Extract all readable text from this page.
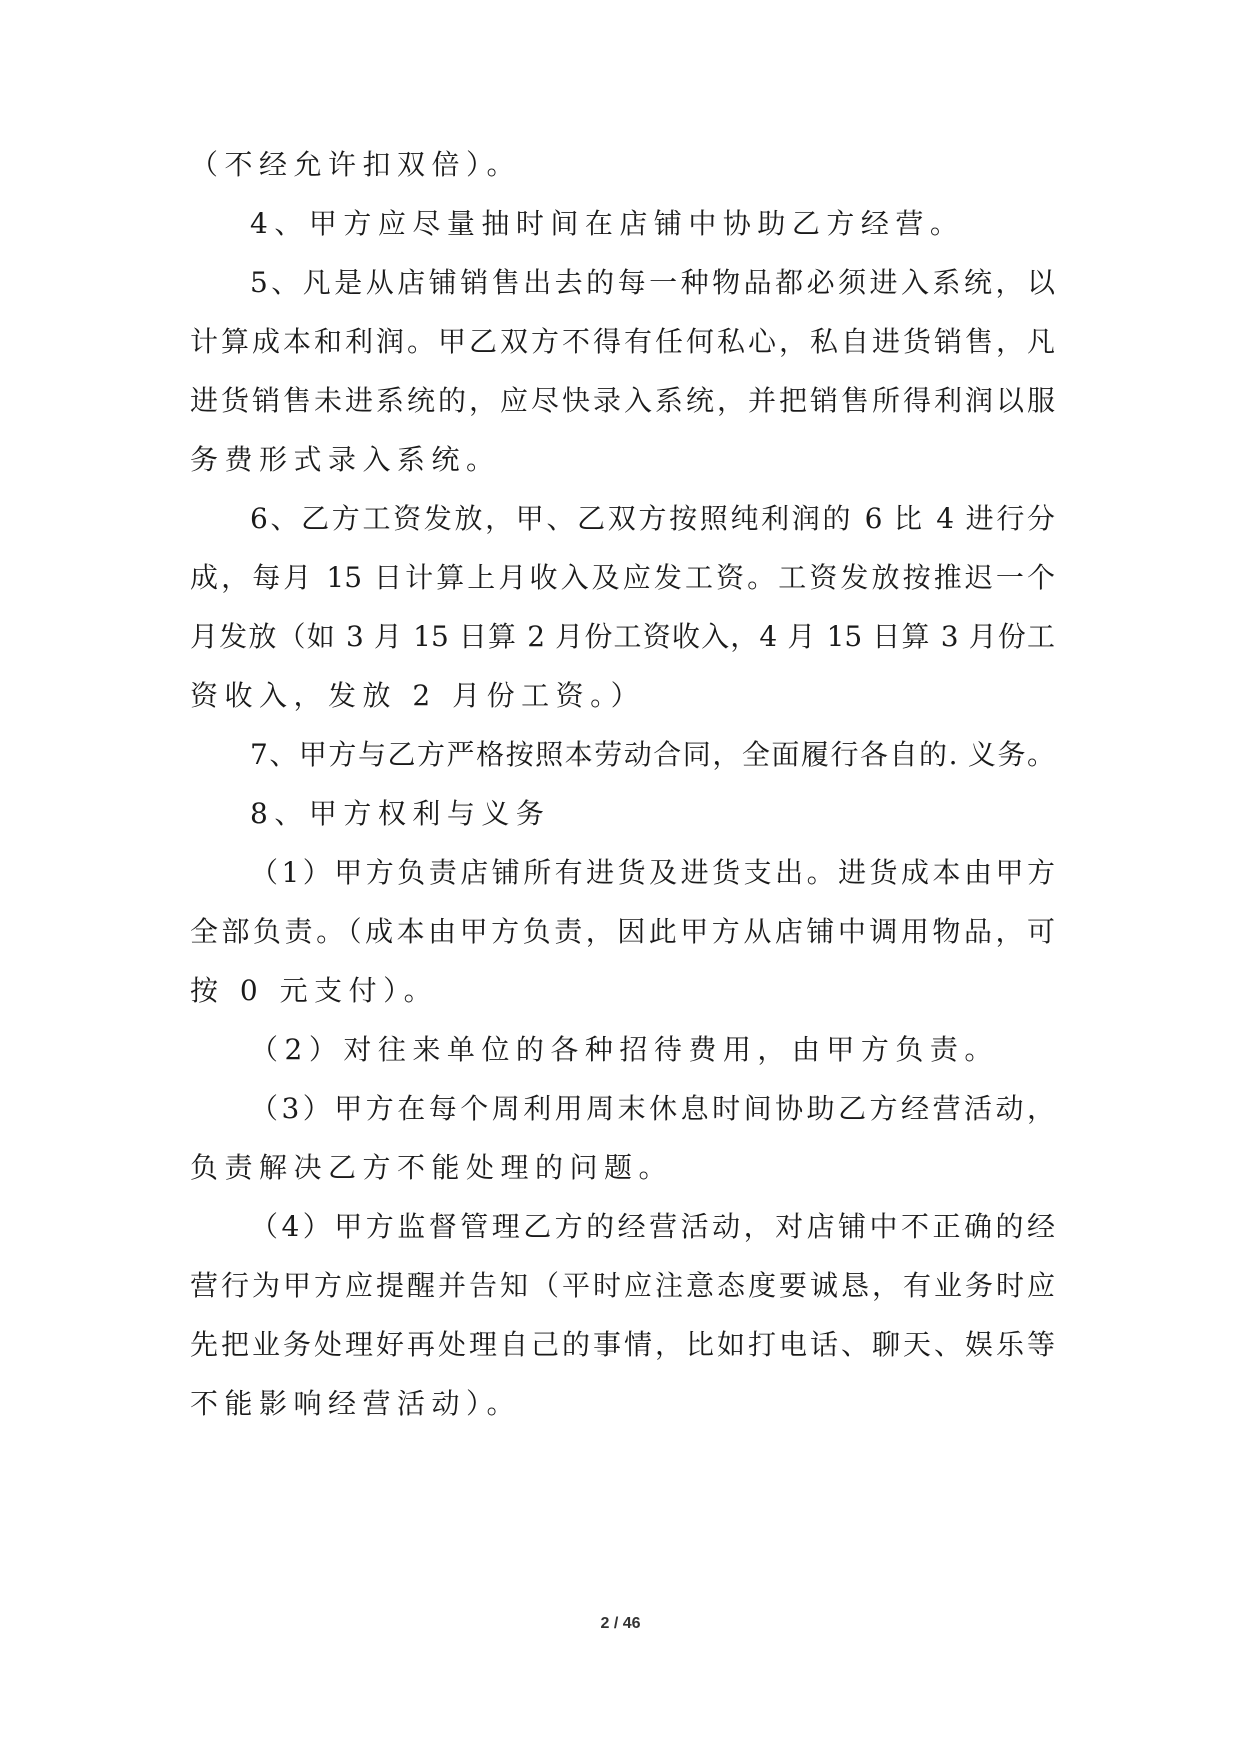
（不经允许扣双倍）。
4、甲方应尽量抽时间在店铺中协助乙方经营。
5、凡是从店铺销售出去的每一种物品都必须进入系统，以
计算成本和利润。甲乙双方不得有任何私心，私自进货销售，凡
进货销售未进系统的，应尽快录入系统，并把销售所得利润以服
务费形式录入系统。
6、乙方工资发放，甲、乙双方按照纯利润的 6 比 4 进行分
成，每月 15 日计算上月收入及应发工资。工资发放按推迟一个
月发放（如 3 月 15 日算 2 月份工资收入，4 月 15 日算 3 月份工
资收入，发放 2 月份工资。）
7、甲方与乙方严格按照本劳动合同，全面履行各自的. 义务。
8、甲方权利与义务
（1）甲方负责店铺所有进货及进货支出。进货成本由甲方
全部负责。（成本由甲方负责，因此甲方从店铺中调用物品，可
按 0 元支付）。
（2）对往来单位的各种招待费用，由甲方负责。
（3）甲方在每个周利用周末休息时间协助乙方经营活动，
负责解决乙方不能处理的问题。
（4）甲方监督管理乙方的经营活动，对店铺中不正确的经
营行为甲方应提醒并告知（平时应注意态度要诚恳，有业务时应
先把业务处理好再处理自己的事情，比如打电话、聊天、娱乐等
不能影响经营活动）。
2 / 46
